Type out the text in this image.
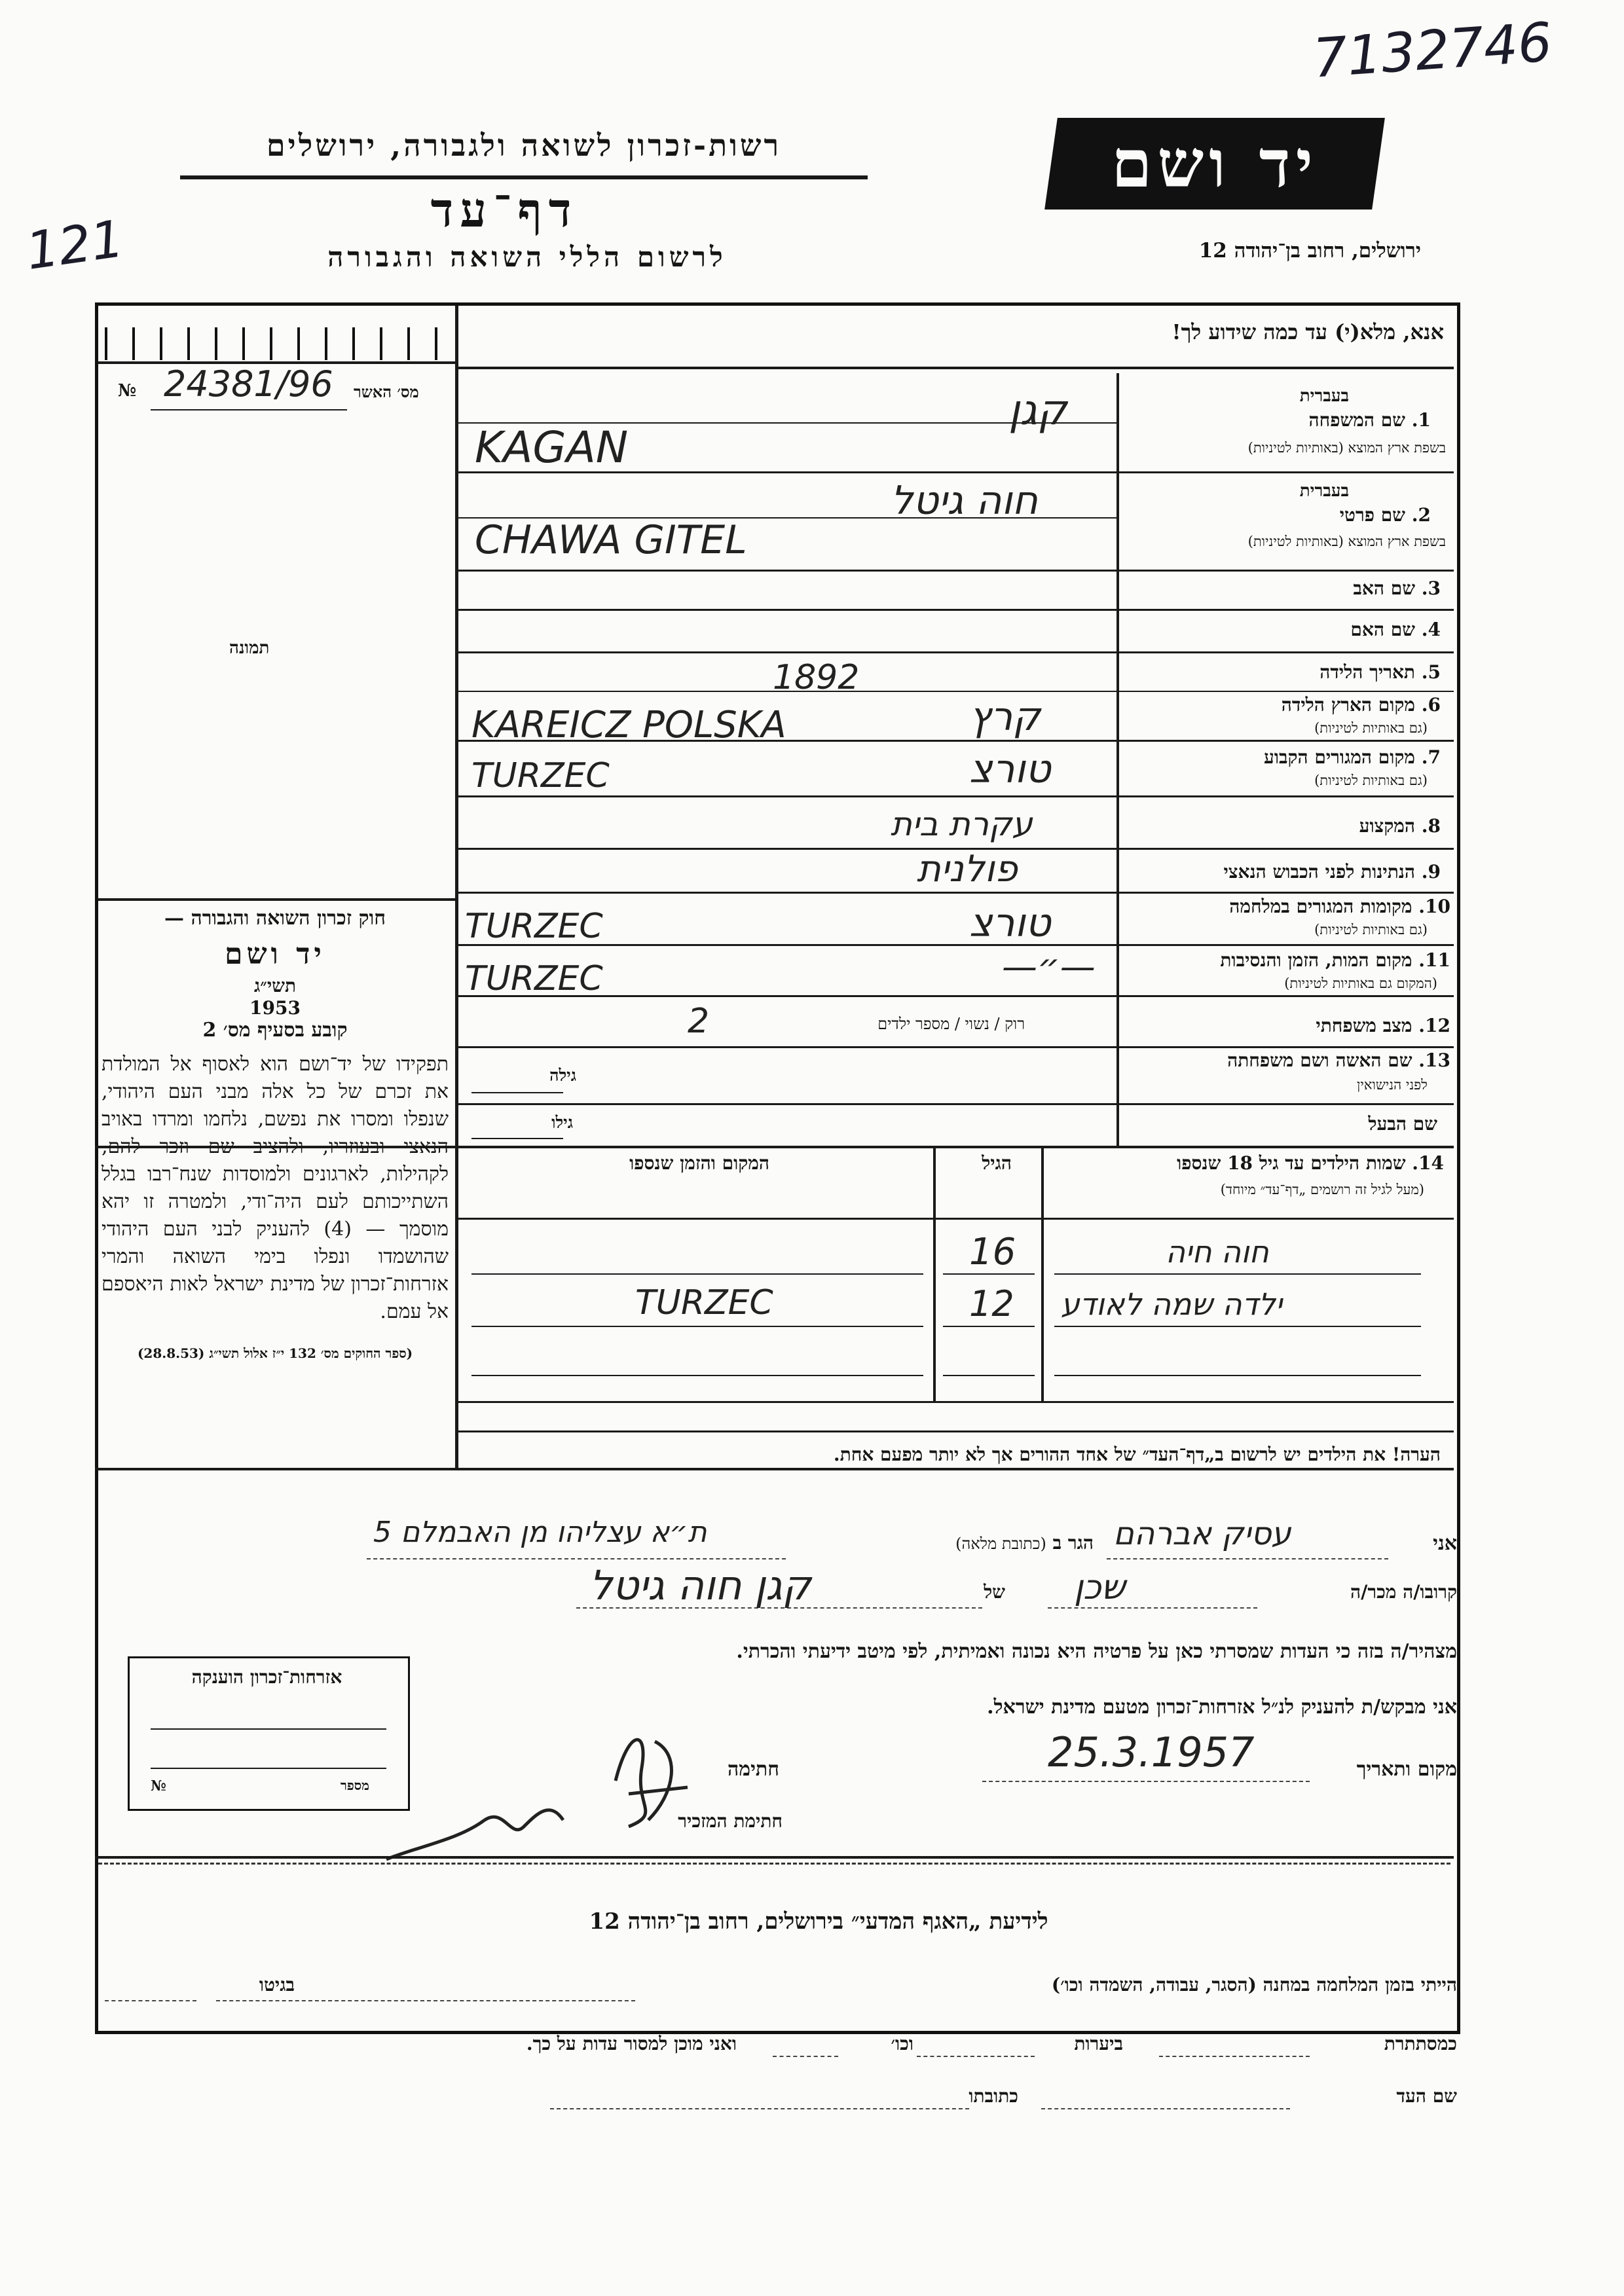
7132746
121
רשות-זכרון לשואה ולגבורה, ירושלים
דף־עד
לרשום הללי השואה והגבורה
יד ושם
ירושלים, רחוב בן־יהודה 12
אנא, מלא(י) עד כמה שידוע לך!
№	מס׳ האשר
24381/96
תמונה
1. שם המשפחה
בשפת ארץ המוצא (באותיות לטיניות)
בעברית
קגן
KAGAN
2. שם פרטי
בשפת ארץ המוצא (באותיות לטיניות)
בעברית
חוה גיטל
CHAWA GITEL
3. שם האב
4. שם האם
5. תאריך הלידה
1892
6. מקום הארץ הלידה
(גם באותיות לטיניות)
קרץ
KAREICZ POLSKA
7. מקום המגורים הקבוע
(גם באותיות לטיניות)
טורצ
TURZEC
8. המקצוע
עקרת בית
9. הנתינות לפני הכבוש הנאצי
פולנית
10. מקומות המגורים במלחמה
(גם באותיות לטיניות)
טורצ
TURZEC
11. מקום המות, הזמן והנסיבות
(המקום גם באותיות לטיניות)
—״—
TURZEC
12. מצב משפחתי
רוק / נשוי / מספר ילדים
2
13. שם האשה ושם משפחתה
לפני הנישואין
גילה
שם הבעל
גילו
14. שמות הילדים עד גיל 18 שנספו
(מעל לגיל זה רושמים „דף־עד״ מיוחד)
הגיל
המקום והזמן שנספו
חוה חיה
16
ילדה שמה לאודע
12
TURZEC
הערה! את הילדים יש לרשום ב„דף־העד״ של אחד ההורים אך לא יותר מפעם אחת.
חוק זכרון השואה והגבורה —
יד ושם
תשי״ג
1953
קובע בסעיף מס׳ 2
תפקידו של יד־ושם הוא לאסוף אל המולדת את זכרם של כל אלה מבני העם היהודי, שנפלו ומסרו את נפשם, נלחמו ומרדו באויב הנאצי ובעוזריו, ולהציב שם וזכר להם, לקהילות, לארגונים ולמוסדות שנח־רבו בגלל השתייכותם לעם היה־ודי, ולמטרה זו יהא מוסמך — (4) להעניק לבני העם היהודי שהושמדו ונפלו בימי השואה והמרי אזרחות־זכרון של מדינת ישראל לאות היאספם אל עמם.
(ספר החוקים מס׳ 132 י״ז אלול תשי״ג (28.8.53)
אני
עסיק אברהם
הגר ב (כתובת מלאה)
ת״א עצליהו מן האבמלם 5
קרובו/ה מכר/ה
שכן
של
קגן חוה גיטל
מצהיר/ה בזה כי העדות שמסרתי כאן על פרטיה היא נכונה ואמיתית, לפי מיטב ידיעתי והכרתי.
אני מבקש/ת להעניק לנ״ל אזרחות־זכרון מטעם מדינת ישראל.
מקום ותאריך
25.3.1957
חתימה
חתימת המזכיר
אזרחות־זכרון הוענקה
№	מספר
לידיעת „האגף המדעי״ בירושלים, רחוב בן־יהודה 12
הייתי בזמן המלחמה במחנה (הסגר, עבודה, השמדה וכו׳)
בגיטו
כמסתתרת
ביערות
וכו׳
ואני מוכן למסור עדות על כך.
שם העד
כתובתו
